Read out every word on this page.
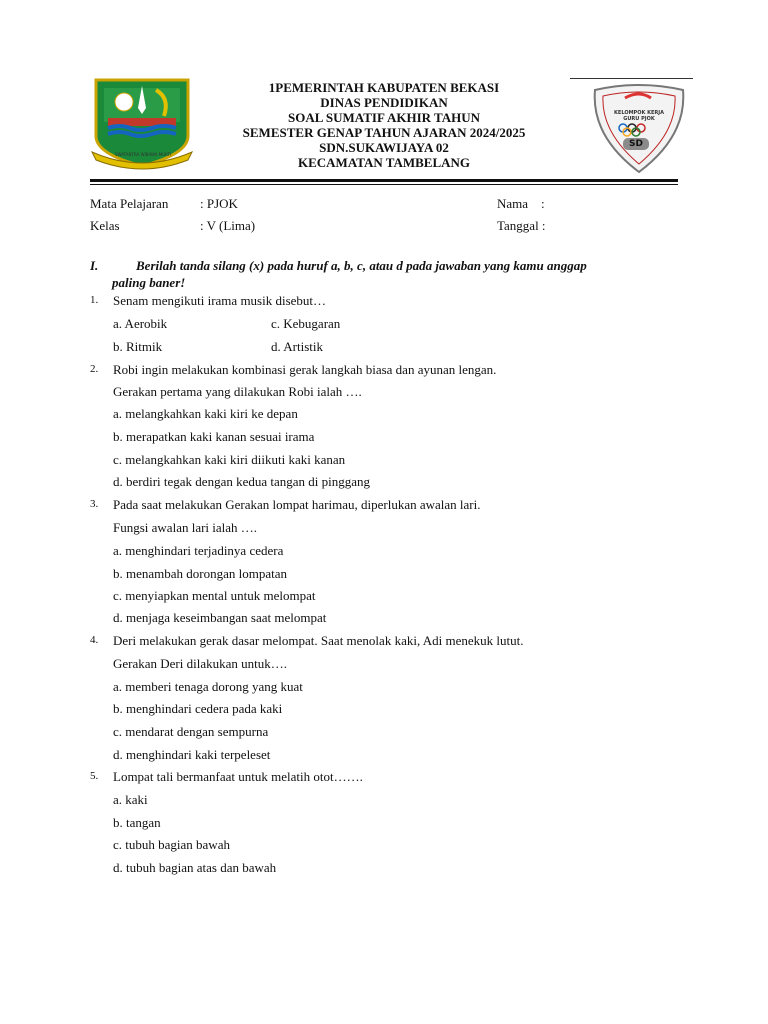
SWATANTRA WIBAWA MUKTI
1PEMERINTAH KABUPATEN BEKASI
DINAS PENDIDIKAN
SOAL SUMATIF AKHIR TAHUN
SEMESTER GENAP TAHUN AJARAN 2024/2025
SDN.SUKAWIJAYA 02
KECAMATAN TAMBELANG
KELOMPOK KERJA GURU PJOK
SD
Mata Pelajaran : PJOK
Kelas	: V (Lima)
Nama    :
Tanggal :
I.	Berilah tanda silang (x) pada huruf a, b, c, atau d pada jawaban yang kamu anggap
paling baner!
1. Senam mengikuti irama musik disebut…
a. Aerobik	c. Kebugaran
b. Ritmik	d. Artistik
2. Robi ingin melakukan kombinasi gerak langkah biasa dan ayunan lengan.
Gerakan pertama yang dilakukan Robi ialah ….
a. melangkahkan kaki kiri ke depan
b. merapatkan kaki kanan sesuai irama
c. melangkahkan kaki kiri diikuti kaki kanan
d. berdiri tegak dengan kedua tangan di pinggang
3. Pada saat melakukan Gerakan lompat harimau, diperlukan awalan lari.
Fungsi awalan lari ialah ….
a. menghindari terjadinya cedera
b. menambah dorongan lompatan
c. menyiapkan mental untuk melompat
d. menjaga keseimbangan saat melompat
4. Deri melakukan gerak dasar melompat. Saat menolak kaki, Adi menekuk lutut.
Gerakan Deri dilakukan untuk….
a. memberi tenaga dorong yang kuat
b. menghindari cedera pada kaki
c. mendarat dengan sempurna
d. menghindari kaki terpeleset
5. Lompat tali bermanfaat untuk melatih otot…….
a. kaki
b. tangan
c. tubuh bagian bawah
d. tubuh bagian atas dan bawah
